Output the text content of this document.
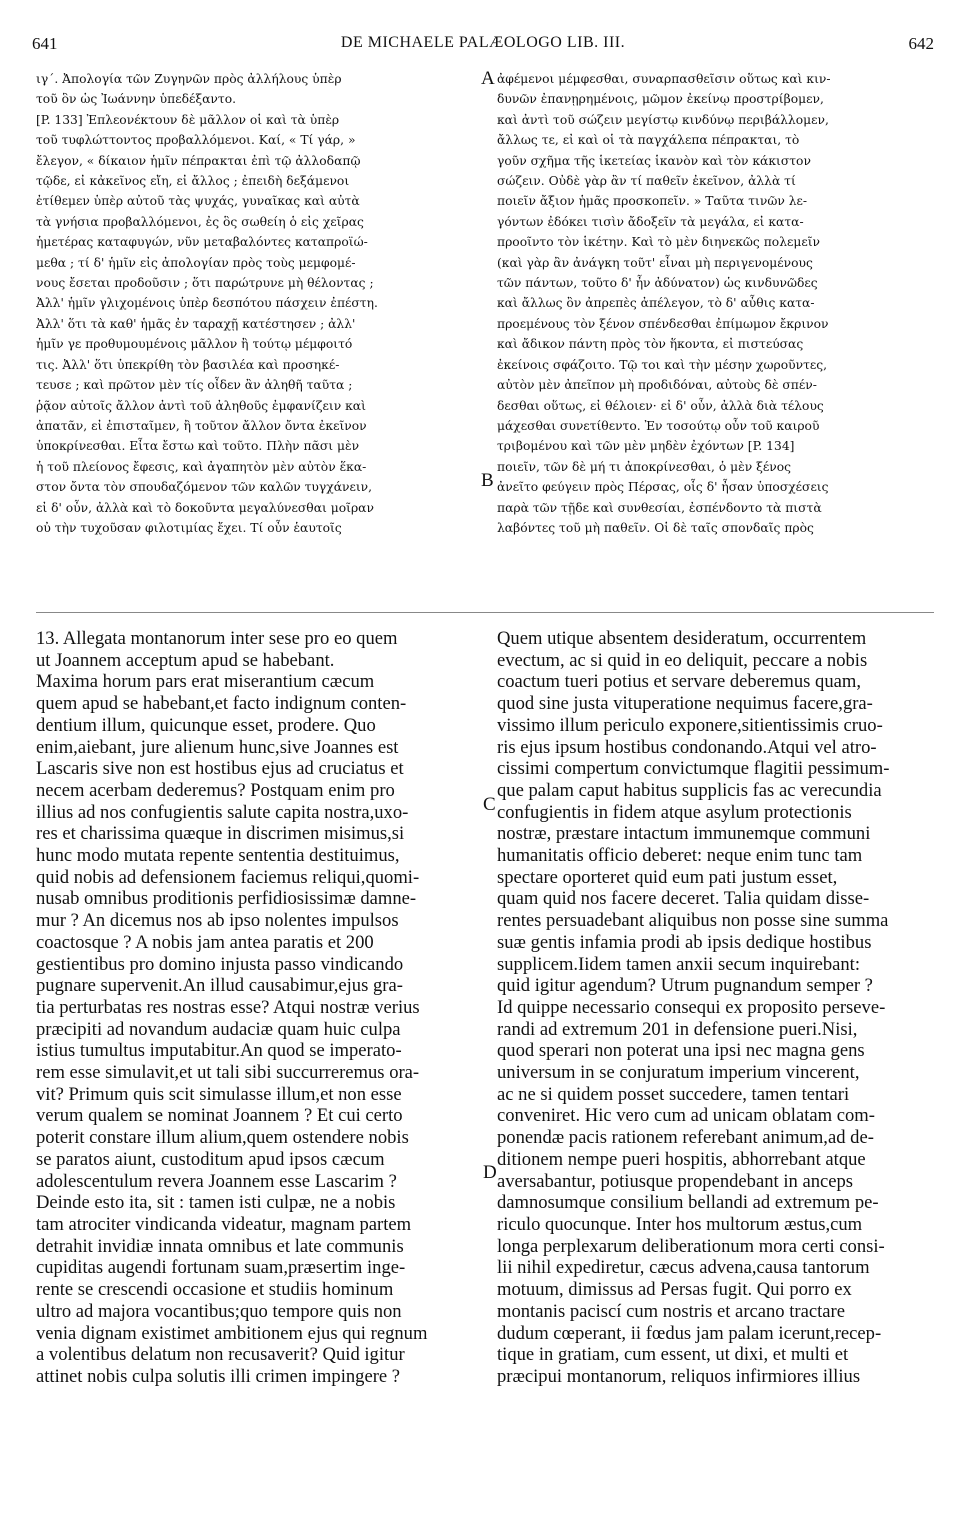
641	DE MICHAELE PALÆOLOGO LIB. III.	642
ιγ΄. Ἀπολογία τῶν Ζυγηνῶν πρὸς ἀλλήλους ὑπὲρ
τοῦ ὃν ὡς Ἰωάννην ὑπεδέξαντο.
[P. 133] Ἐπλεονέκτουν δὲ μᾶλλον οἱ καὶ τὰ ὑπὲρ
τοῦ τυφλώττοντος προβαλλόμενοι. Καί, « Τί γάρ, »
ἔλεγον, « δίκαιον ἡμῖν πέπρακται ἐπὶ τῷ ἀλλοδαπῷ
τῷδε, εἰ κἀκεῖνος εἴη, εἰ ἄλλος ; ἐπειδὴ δεξάμενοι
ἐτίθεμεν ὑπὲρ αὐτοῦ τὰς ψυχάς, γυναῖκας καὶ αὐτὰ
τὰ γνήσια προβαλλόμενοι, ἐς ὃς σωθείη ὁ εἰς χεῖρας
ἡμετέρας καταφυγών, νῦν μεταβαλόντες καταπροϊώ-
μεθα ; τί δ' ἡμῖν εἰς ἀπολογίαν πρὸς τοὺς μεμφομέ-
νους ἔσεται προδοῦσιν ; ὅτι παρώτρυνε μὴ θέλοντας ;
Ἀλλ' ἡμῖν γλιχομένοις ὑπὲρ δεσπότου πάσχειν ἐπέστη.
Ἀλλ' ὅτι τὰ καθ' ἡμᾶς ἐν ταραχῇ κατέστησεν ; ἀλλ'
ἡμῖν γε προθυμουμένοις μᾶλλον ἢ τούτῳ μέμφοιτό
τις. Ἀλλ' ὅτι ὑπεκρίθη τὸν βασιλέα καὶ προσηκέ-
τευσε ; καὶ πρῶτον μὲν τίς οἶδεν ἂν ἀληθῆ ταῦτα ;
ῥᾷον αὐτοῖς ἄλλον ἀντὶ τοῦ ἀληθοῦς ἐμφανίζειν καὶ
ἀπατᾶν, εἰ ἐπισταῖμεν, ἢ τοῦτον ἄλλον ὄντα ἐκεῖνον
ὑποκρίνεσθαι. Εἶτα ἔστω καὶ τοῦτο. Πλὴν πᾶσι μὲν
ἡ τοῦ πλείονος ἔφεσις, καὶ ἀγαπητὸν μὲν αὐτὸν ἕκα-
στον ὄντα τὸν σπουδαζόμενον τῶν καλῶν τυγχάνειν,
εἰ δ' οὖν, ἀλλὰ καὶ τὸ δοκοῦντα μεγαλύνεσθαι μοῖραν
οὐ τὴν τυχοῦσαν φιλοτιμίας ἔχει. Τί οὖν ἑαυτοῖς
ἀφέμενοι μέμφεσθαι, συναρπασθεῖσιν οὕτως καὶ κιν-
δυνῶν ἐπανῃρημένοις, μῶμον ἐκείνῳ προστρίβομεν,
καὶ ἀντὶ τοῦ σώζειν μεγίστῳ κινδύνῳ περιβάλλομεν,
ἄλλως τε, εἰ καὶ οἱ τὰ παγχάλεπα πέπρακται, τὸ
γοῦν σχῆμα τῆς ἱκετείας ἱκανὸν καὶ τὸν κάκιστον
σώζειν. Οὐδὲ γὰρ ἂν τί παθεῖν ἐκεῖνον, ἀλλὰ τί
ποιεῖν ἄξιον ἡμᾶς προσκοπεῖν. » Ταῦτα τινῶν λε-
γόντων ἐδόκει τισὶν ἄδοξεῖν τὰ μεγάλα, εἰ κατα-
προοῖντο τὸν ἱκέτην. Καὶ τὸ μὲν διηνεκῶς πολεμεῖν
(καὶ γὰρ ἂν ἀνάγκη τοῦτ' εἶναι μὴ περιγενομένους
τῶν πάντων, τοῦτο δ' ἦν ἀδύνατον) ὡς κινδυνῶδες
καὶ ἄλλως ὂν ἀπρεπὲς ἀπέλεγον, τὸ δ' αὖθις κατα-
προεμένους τὸν ξένον σπένδεσθαι ἐπίμωμον ἔκρινον
καὶ ἄδικον πάντη πρὸς τὸν ἥκοντα, εἰ πιστεύσας
ἐκείνοις σφάζοιτο. Τῷ τοι καὶ τὴν μέσην χωροῦντες,
αὐτὸν μὲν ἀπεῖπον μὴ προδιδόναι, αὐτοὺς δὲ σπέν-
δεσθαι οὕτως, εἰ θέλοιεν· εἰ δ' οὖν, ἀλλὰ διὰ τέλους
μάχεσθαι συνετίθεντο. Ἐν τοσούτῳ οὖν τοῦ καιροῦ
τριβομένου καὶ τῶν μὲν μηδὲν ἐχόντων [P. 134]
ποιεῖν, τῶν δὲ μή τι ἀποκρίνεσθαι, ὁ μὲν ξένος
ἀνεῖτο φεύγειν πρὸς Πέρσας, οἷς δ' ἦσαν ὑποσχέσεις
παρὰ τῶν τῇδε καὶ συνθεσίαι, ἐσπένδοντο τὰ πιστὰ
λαβόντες τοῦ μὴ παθεῖν. Οἱ δὲ ταῖς σπονδαῖς πρὸς
A
B
C
D
13. Allegata montanorum inter sese pro eo quem
ut Joannem acceptum apud se habebant.
Maxima horum pars erat miserantium cæcum
quem apud se habebant,et facto indignum conten-
dentium illum, quicunque esset, prodere. Quo
enim,aiebant, jure alienum hunc,sive Joannes est
Lascaris sive non est hostibus ejus ad cruciatus et
necem acerbam dederemus? Postquam enim pro
illius ad nos confugientis salute capita nostra,uxo-
res et charissima quæque in discrimen misimus,si
hunc modo mutata repente sententia destituimus,
quid nobis ad defensionem faciemus reliqui,quomi-
nusab omnibus proditionis perfidiosissimæ damne-
mur ? An dicemus nos ab ipso nolentes impulsos
coactosque ? A nobis jam antea paratis et 200
gestientibus pro domino injusta passo vindicando
pugnare supervenit.An illud causabimur,ejus gra-
tia perturbatas res nostras esse? Atqui nostræ verius
præcipiti ad novandum audaciæ quam huic culpa
istius tumultus imputabitur.An quod se imperato-
rem esse simulavit,et ut tali sibi succurreremus ora-
vit? Primum quis scit simulasse illum,et non esse
verum qualem se nominat Joannem ? Et cui certo
poterit constare illum alium,quem ostendere nobis
se paratos aiunt, custoditum apud ipsos cæcum
adolescentulum revera Joannem esse Lascarim ?
Deinde esto ita, sit : tamen isti culpæ, ne a nobis
tam atrociter vindicanda videatur, magnam partem
detrahit invidiæ innata omnibus et late communis
cupiditas augendi fortunam suam,præsertim inge-
rente se crescendi occasione et studiis hominum
ultro ad majora vocantibus;quo tempore quis non
venia dignam existimet ambitionem ejus qui regnum
a volentibus delatum non recusaverit? Quid igitur
attinet nobis culpa solutis illi crimen impingere ?
Quem utique absentem desideratum, occurrentem
evectum, ac si quid in eo deliquit, peccare a nobis
coactum tueri potius et servare deberemus quam,
quod sine justa vituperatione nequimus facere,gra-
vissimo illum periculo exponere,sitientissimis cruo-
ris ejus ipsum hostibus condonando.Atqui vel atro-
cissimi compertum convictumque flagitii pessimum-
que palam caput habitus supplicis fas ac verecundia
confugientis in fidem atque asylum protectionis
nostræ, præstare intactum immunemque communi
humanitatis officio deberet: neque enim tunc tam
spectare oporteret quid eum pati justum esset,
quam quid nos facere deceret. Talia quidam disse-
rentes persuadebant aliquibus non posse sine summa
suæ gentis infamia prodi ab ipsis dedique hostibus
supplicem.Iidem tamen anxii secum inquirebant:
quid igitur agendum? Utrum pugnandum semper ?
Id quippe necessario consequi ex proposito perseve-
randi ad extremum 201 in defensione pueri.Nisi,
quod sperari non poterat una ipsi nec magna gens
universum in se conjuratum imperium vincerent,
ac ne si quidem posset succedere, tamen tentari
conveniret. Hic vero cum ad unicam oblatam com-
ponendæ pacis rationem referebant animum,ad de-
ditionem nempe pueri hospitis, abhorrebant atque
aversabantur, potiusque propendebant in anceps
damnosumque consilium bellandi ad extremum pe-
riculo quocunque. Inter hos multorum æstus,cum
longa perplexarum deliberationum mora certi consi-
lii nihil expediretur, cæcus advena,causa tantorum
motuum, dimissus ad Persas fugit. Qui porro ex
montanis paciscí cum nostris et arcano tractare
dudum cœperant, ii fœdus jam palam icerunt,recep-
tique in gratiam, cum essent, ut dixi, et multi et
præcipui montanorum, reliquos infirmiores illius
